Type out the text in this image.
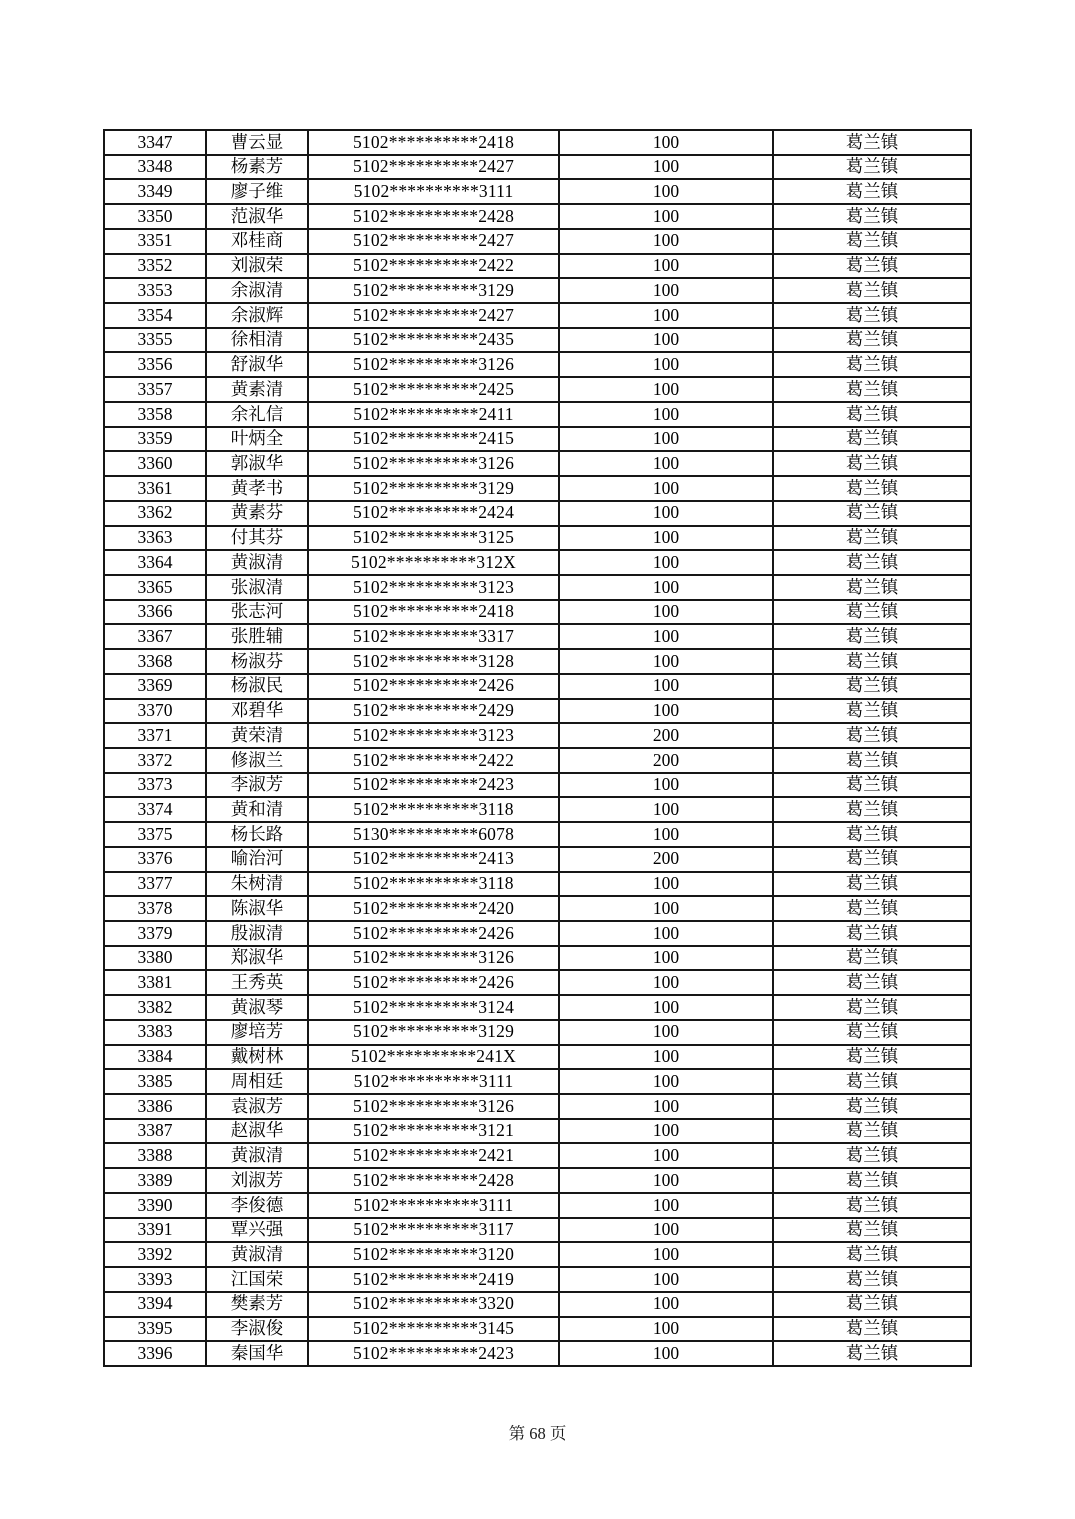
3347	曹云显	5102**********2418	100	葛兰镇
3348	杨素芳	5102**********2427	100	葛兰镇
3349	廖子维	5102**********3111	100	葛兰镇
3350	范淑华	5102**********2428	100	葛兰镇
3351	邓桂商	5102**********2427	100	葛兰镇
3352	刘淑荣	5102**********2422	100	葛兰镇
3353	余淑清	5102**********3129	100	葛兰镇
3354	余淑辉	5102**********2427	100	葛兰镇
3355	徐相清	5102**********2435	100	葛兰镇
3356	舒淑华	5102**********3126	100	葛兰镇
3357	黄素清	5102**********2425	100	葛兰镇
3358	余礼信	5102**********2411	100	葛兰镇
3359	叶炳全	5102**********2415	100	葛兰镇
3360	郭淑华	5102**********3126	100	葛兰镇
3361	黄孝书	5102**********3129	100	葛兰镇
3362	黄素芬	5102**********2424	100	葛兰镇
3363	付其芬	5102**********3125	100	葛兰镇
3364	黄淑清	5102**********312X	100	葛兰镇
3365	张淑清	5102**********3123	100	葛兰镇
3366	张志河	5102**********2418	100	葛兰镇
3367	张胜辅	5102**********3317	100	葛兰镇
3368	杨淑芬	5102**********3128	100	葛兰镇
3369	杨淑民	5102**********2426	100	葛兰镇
3370	邓碧华	5102**********2429	100	葛兰镇
3371	黄荣清	5102**********3123	200	葛兰镇
3372	修淑兰	5102**********2422	200	葛兰镇
3373	李淑芳	5102**********2423	100	葛兰镇
3374	黄和清	5102**********3118	100	葛兰镇
3375	杨长路	5130**********6078	100	葛兰镇
3376	喻治河	5102**********2413	200	葛兰镇
3377	朱树清	5102**********3118	100	葛兰镇
3378	陈淑华	5102**********2420	100	葛兰镇
3379	殷淑清	5102**********2426	100	葛兰镇
3380	郑淑华	5102**********3126	100	葛兰镇
3381	王秀英	5102**********2426	100	葛兰镇
3382	黄淑琴	5102**********3124	100	葛兰镇
3383	廖培芳	5102**********3129	100	葛兰镇
3384	戴树林	5102**********241X	100	葛兰镇
3385	周相廷	5102**********3111	100	葛兰镇
3386	袁淑芳	5102**********3126	100	葛兰镇
3387	赵淑华	5102**********3121	100	葛兰镇
3388	黄淑清	5102**********2421	100	葛兰镇
3389	刘淑芳	5102**********2428	100	葛兰镇
3390	李俊德	5102**********3111	100	葛兰镇
3391	覃兴强	5102**********3117	100	葛兰镇
3392	黄淑清	5102**********3120	100	葛兰镇
3393	江国荣	5102**********2419	100	葛兰镇
3394	樊素芳	5102**********3320	100	葛兰镇
3395	李淑俊	5102**********3145	100	葛兰镇
3396	秦国华	5102**********2423	100	葛兰镇
第 68 页
